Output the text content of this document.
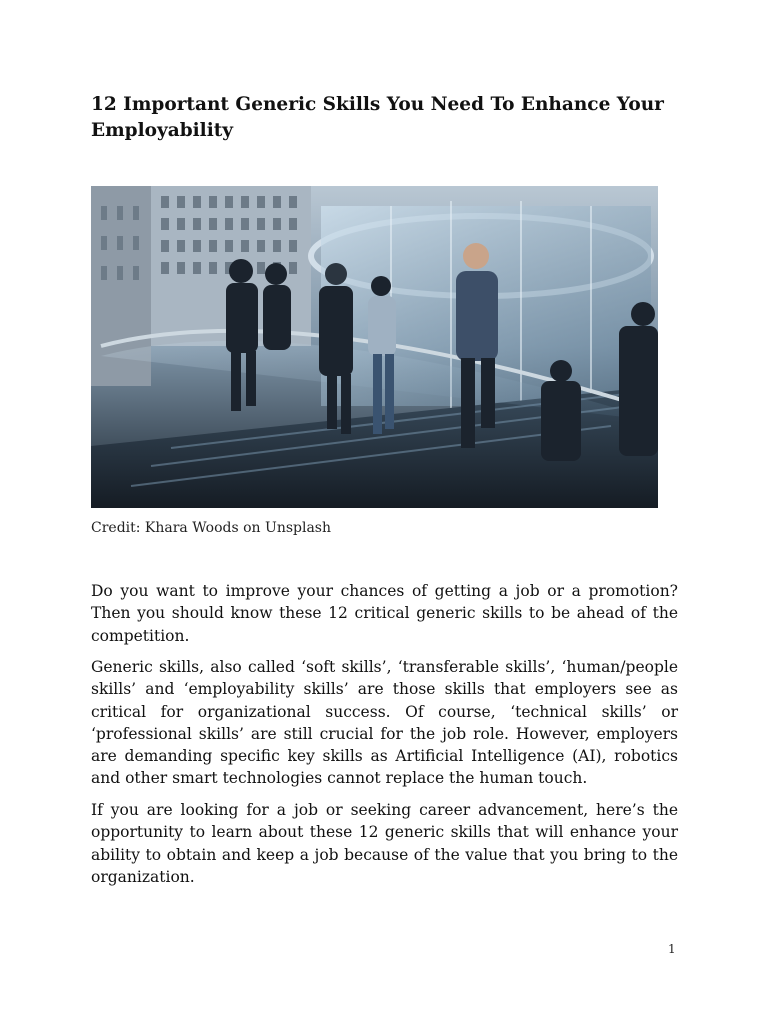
12 Important Generic Skills You Need To Enhance Your Employability
Credit: Khara Woods on Unsplash

Do you want to improve your chances of getting a job or a promotion? Then you should know these 12 critical generic skills to be ahead of the competition.

Generic skills, also called ‘soft skills’, ‘transferable skills’, ‘human/people skills’ and ‘employability skills’ are those skills that employers see as critical for organizational success. Of course, ‘technical skills’ or ‘professional skills’ are still crucial for the job role. However, employers are demanding specific key skills as Artificial Intelligence (AI), robotics and other smart technologies cannot replace the human touch.

If you are looking for a job or seeking career advancement, here’s the opportunity to learn about these 12 generic skills that will enhance your ability to obtain and keep a job because of the value that you bring to the organization.

1
